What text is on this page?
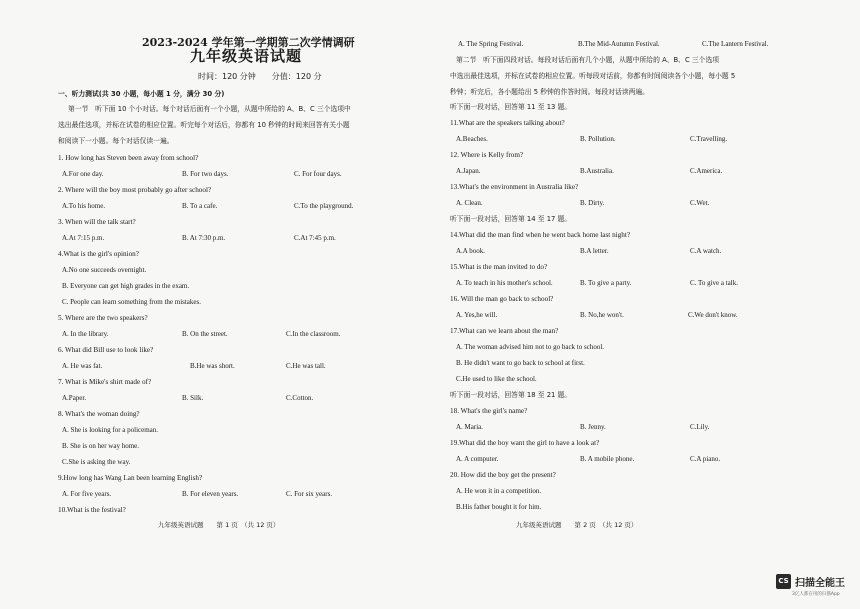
2023-2024 学年第一学期第二次学情调研
九年级英语试题
时间：120 分钟　　分值：120 分
一、听力测试(共 30 小题，每小题 1 分，满分 30 分)
第一节　听下面 10 个小对话。每个对话后面有一个小题，从题中所给的 A、B、C 三个选项中
选出最佳选项，并标在试卷的相应位置。听完每个对话后，你都有 10 秒钟的时间来回答有关小题
和阅读下一小题。每个对话仅读一遍。
1. How long has Steven been away from school?
A.For one day.	B. For two days.	C. For four days.
2. Where will the boy most probably go after school?
A.To his home.	B. To a cafe.	C.To the playground.
3. When will the talk start?
A.At 7:15 p.m.	B. At 7:30 p.m.	C.At 7:45 p.m.
4.What is the girl's opinion?
A.No one succeeds overnight.
B. Everyone can get high grades in the exam.
C. People can learn something from the mistakes.
5. Where are the two speakers?
A. In the library.	B. On the street.	C.In the classroom.
6. What did Bill use to look like?
A. He was fat.	B.He was short.	C.He was tall.
7. What is Mike's shirt made of?
A.Paper.	B. Silk.	C.Cotton.
8. What's the woman doing?
A. She is looking for a policeman.
B. She is on her way home.
C.She is asking the way.
9.How long has Wang Lan been learning English?
A. For five years.	B. For eleven years.	C. For six years.
10.What is the festival?
九年级英语试题　　第 1 页　（共 12 页）
A. The Spring Festival.	B.The Mid-Autumn Festival.	C.The Lantern Festival.
第二节　听下面四段对话。每段对话后面有几个小题，从题中所给的 A、B、C 三个选项
中选出最佳选项，并标在试卷的相应位置。听每段对话前，你都有时间阅读各个小题，每小题 5
秒钟；听完后，各小题给出 5 秒钟的作答时间。每段对话读两遍。
听下面一段对话，回答第 11 至 13 题。
11.What are the speakers talking about?
A.Beaches.	B. Pollution.	C.Travelling.
12. Where is Kelly from?
A.Japan.	B.Australia.	C.America.
13.What's the environment in Australia like?
A. Clean.	B. Dirty.	C.Wet.
听下面一段对话，回答第 14 至 17 题。
14.What did the man find when he went back home last night?
A.A book.	B.A letter.	C.A watch.
15.What is the man invited to do?
A. To teach in his mother's school.	B. To give a party.	C. To give a talk.
16. Will the man go back to school?
A. Yes,he will.	B. No,he won't.	C.We don't know.
17.What can we learn about the man?
A. The woman advised him not to go back to school.
B. He didn't want to go back to school at first.
C.He used to like the school.
听下面一段对话，回答第 18 至 21 题。
18. What's the girl's name?
A. Maria.	B. Jenny.	C.Lily.
19.What did the boy want the girl to have a look at?
A. A computer.	B. A mobile phone.	C.A piano.
20. How did the boy get the present?
A. He won it in a competition.
B.His father bought it for him.
九年级英语试题　　第 2 页　（共 12 页）
CS 扫描全能王
3亿人都在用的扫描App
